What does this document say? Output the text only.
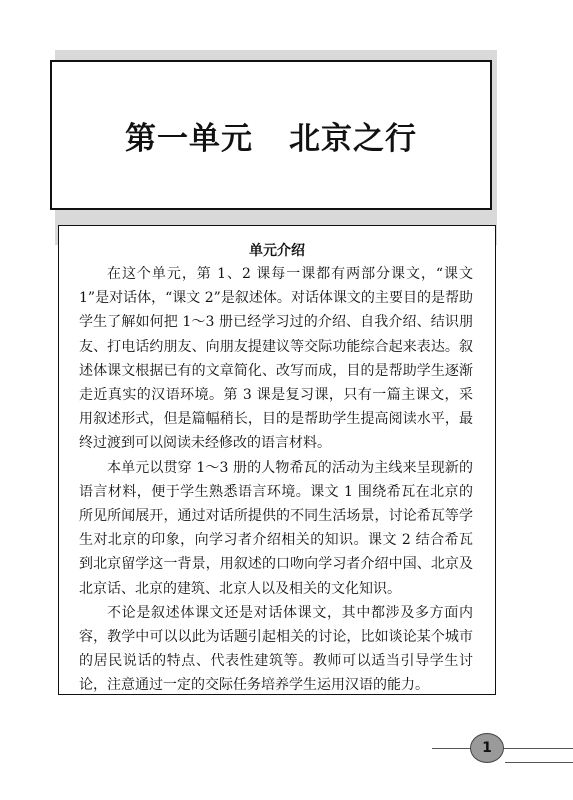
第一单元 北京之行
单元介绍

在这个单元，第 1、2 课每一课都有两部分课文，“课文 1”是对话体，“课文 2”是叙述体。对话体课文的主要目的是帮助学生了解如何把 1～3 册已经学习过的介绍、自我介绍、结识朋友、打电话约朋友、向朋友提建议等交际功能综合起来表达。叙述体课文根据已有的文章简化、改写而成，目的是帮助学生逐渐走近真实的汉语环境。第 3 课是复习课，只有一篇主课文，采用叙述形式，但是篇幅稍长，目的是帮助学生提高阅读水平，最终过渡到可以阅读未经修改的语言材料。

本单元以贯穿 1～3 册的人物希瓦的活动为主线来呈现新的语言材料，便于学生熟悉语言环境。课文 1 围绕希瓦在北京的所见所闻展开，通过对话所提供的不同生活场景，讨论希瓦等学生对北京的印象，向学习者介绍相关的知识。课文 2 结合希瓦到北京留学这一背景，用叙述的口吻向学习者介绍中国、北京及北京话、北京的建筑、北京人以及相关的文化知识。

不论是叙述体课文还是对话体课文，其中都涉及多方面内容，教学中可以以此为话题引起相关的讨论，比如谈论某个城市的居民说话的特点、代表性建筑等。教师可以适当引导学生讨论，注意通过一定的交际任务培养学生运用汉语的能力。

1
